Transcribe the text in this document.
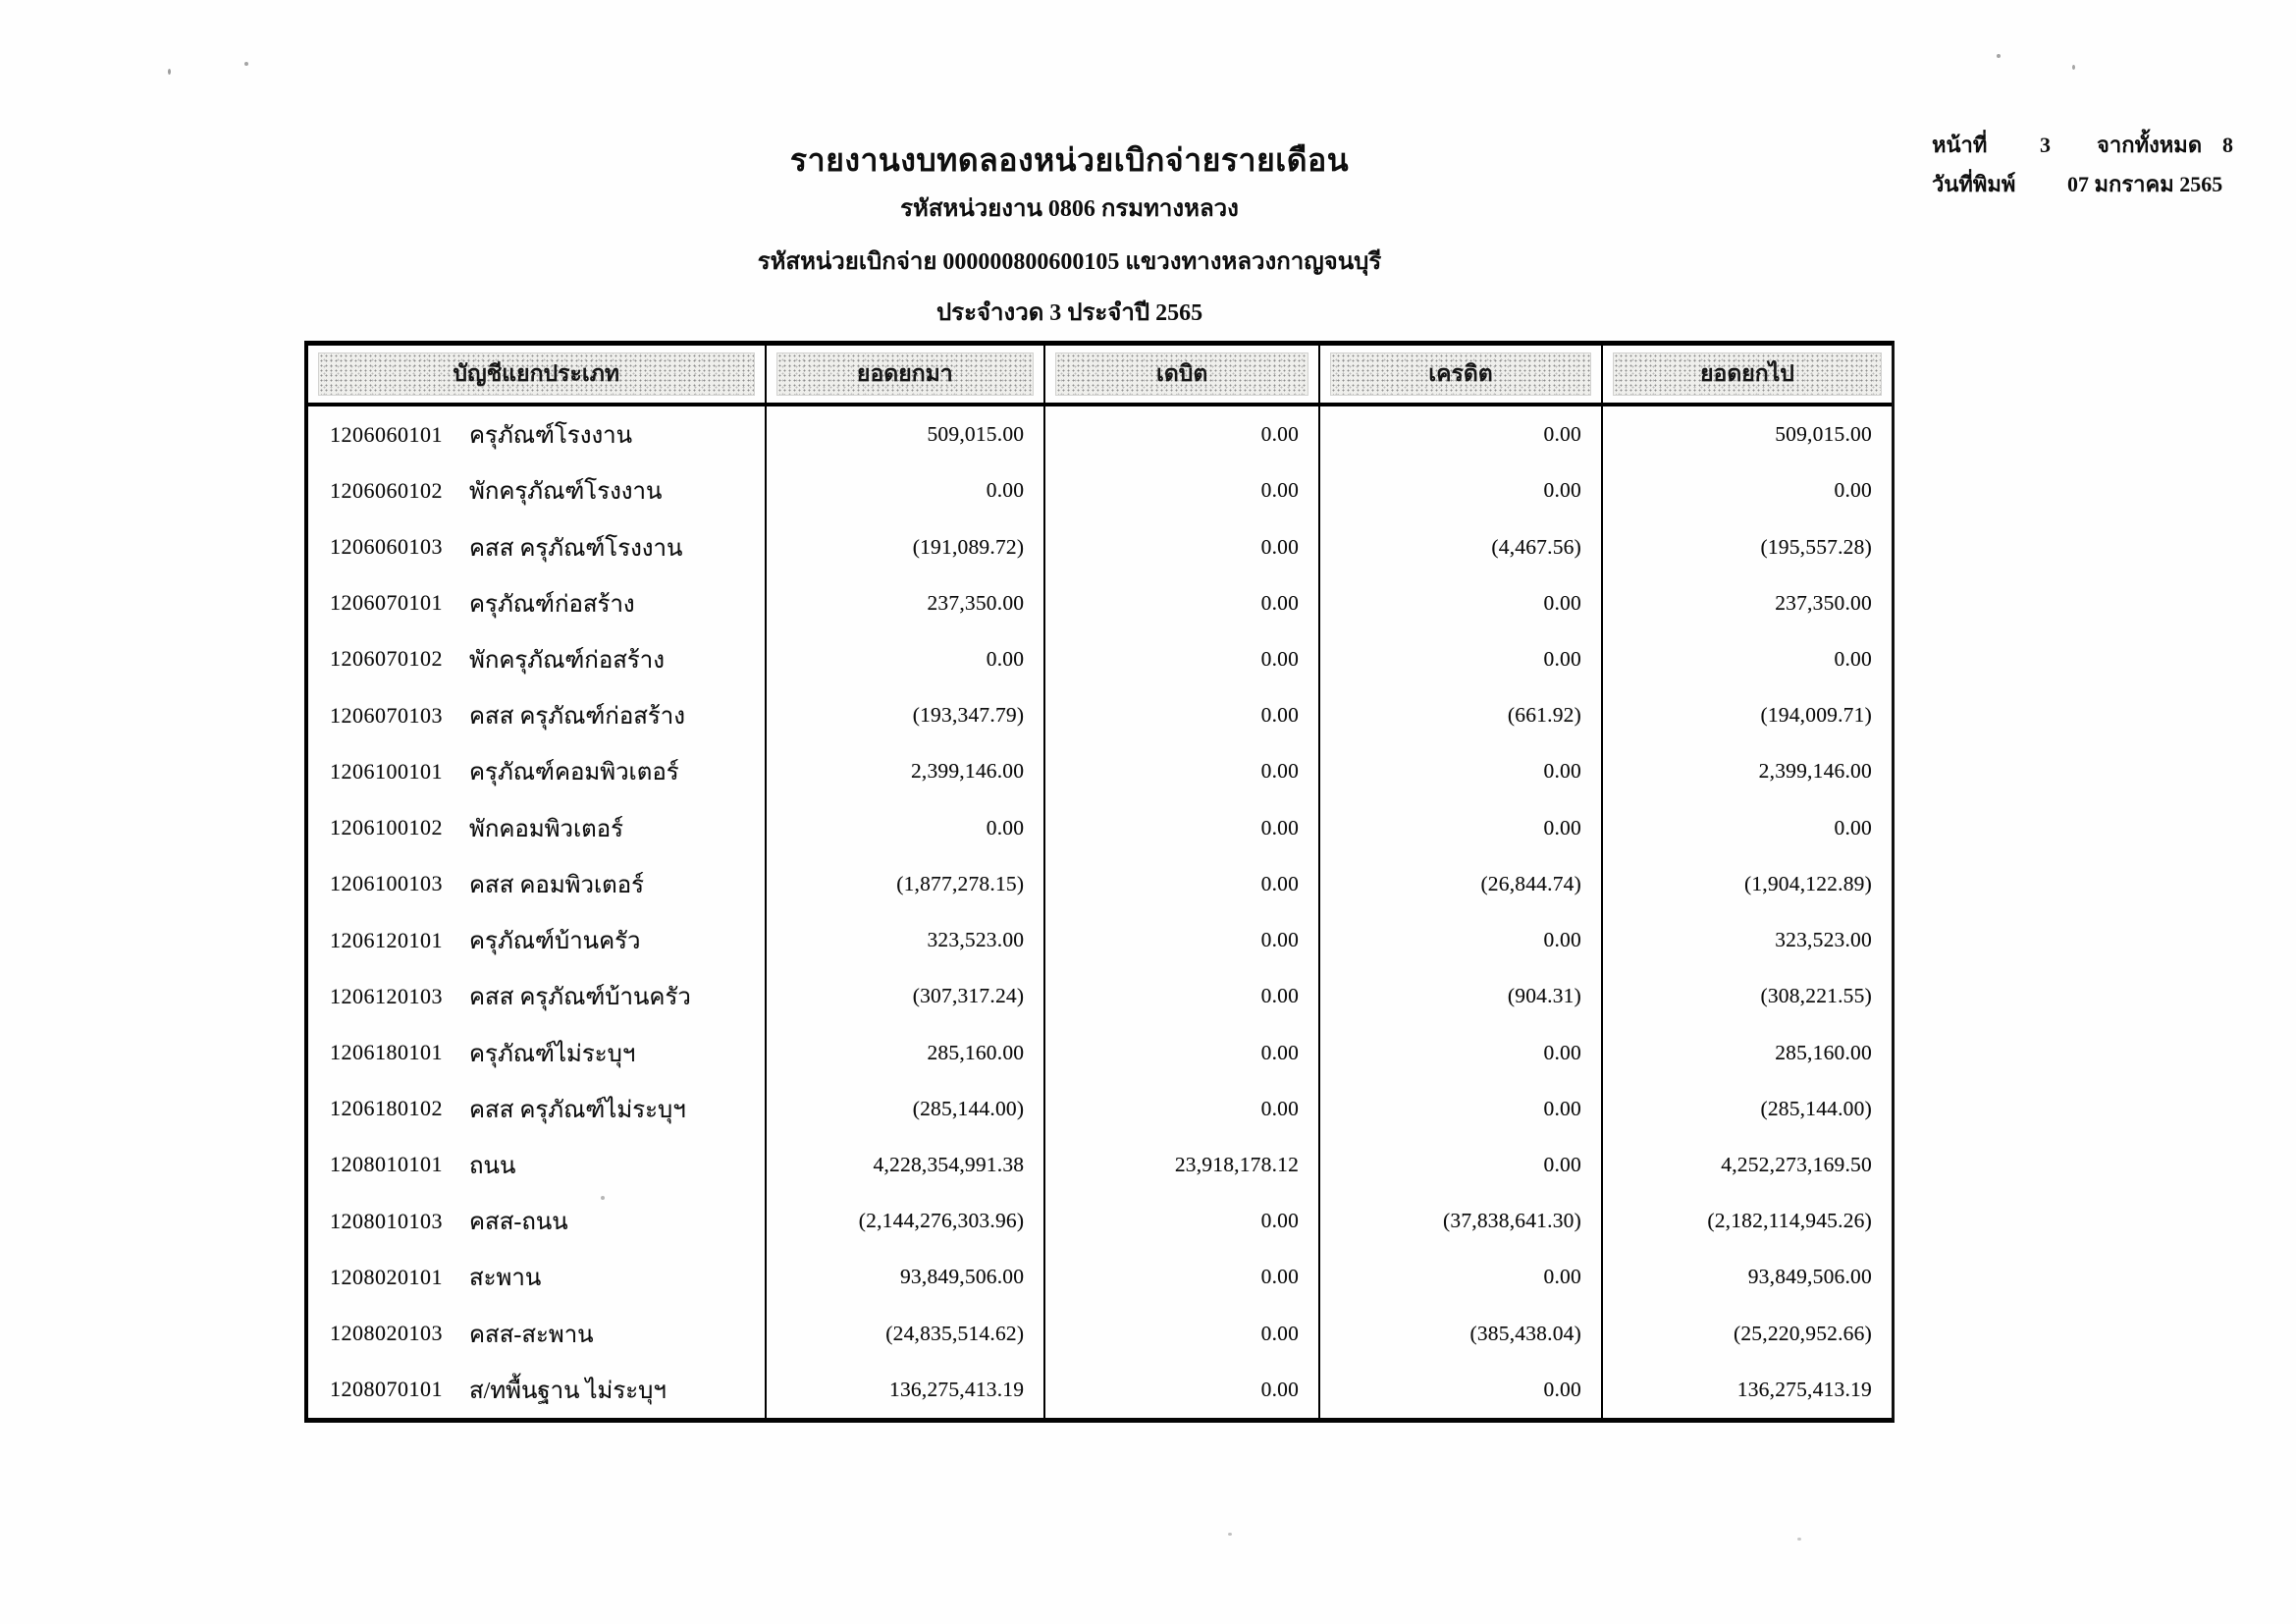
รายงานงบทดลองหน่วยเบิกจ่ายรายเดือน
รหัสหน่วยงาน 0806 กรมทางหลวง
รหัสหน่วยเบิกจ่าย 000000800600105 แขวงทางหลวงกาญจนบุรี
ประจำงวด 3 ประจำปี 2565
หน้าที่	3	จากทั้งหมด 8
วันที่พิมพ์	07 มกราคม 2565
บัญชีแยกประเภท	ยอดยกมา	เดบิต	เครดิต	ยอดยกไป
1206060101	ครุภัณฑ์โรงงาน	509,015.00	0.00	0.00	509,015.00
1206060102	พักครุภัณฑ์โรงงาน	0.00	0.00	0.00	0.00
1206060103	คสส ครุภัณฑ์โรงงาน	(191,089.72)	0.00	(4,467.56)	(195,557.28)
1206070101	ครุภัณฑ์ก่อสร้าง	237,350.00	0.00	0.00	237,350.00
1206070102	พักครุภัณฑ์ก่อสร้าง	0.00	0.00	0.00	0.00
1206070103	คสส ครุภัณฑ์ก่อสร้าง	(193,347.79)	0.00	(661.92)	(194,009.71)
1206100101	ครุภัณฑ์คอมพิวเตอร์	2,399,146.00	0.00	0.00	2,399,146.00
1206100102	พักคอมพิวเตอร์	0.00	0.00	0.00	0.00
1206100103	คสส คอมพิวเตอร์	(1,877,278.15)	0.00	(26,844.74)	(1,904,122.89)
1206120101	ครุภัณฑ์บ้านครัว	323,523.00	0.00	0.00	323,523.00
1206120103	คสส ครุภัณฑ์บ้านครัว	(307,317.24)	0.00	(904.31)	(308,221.55)
1206180101	ครุภัณฑ์ไม่ระบุฯ	285,160.00	0.00	0.00	285,160.00
1206180102	คสส ครุภัณฑ์ไม่ระบุฯ	(285,144.00)	0.00	0.00	(285,144.00)
1208010101	ถนน	4,228,354,991.38	23,918,178.12	0.00	4,252,273,169.50
1208010103	คสส-ถนน	(2,144,276,303.96)	0.00	(37,838,641.30)	(2,182,114,945.26)
1208020101	สะพาน	93,849,506.00	0.00	0.00	93,849,506.00
1208020103	คสส-สะพาน	(24,835,514.62)	0.00	(385,438.04)	(25,220,952.66)
1208070101	ส/ทพื้นฐาน ไม่ระบุฯ	136,275,413.19	0.00	0.00	136,275,413.19
